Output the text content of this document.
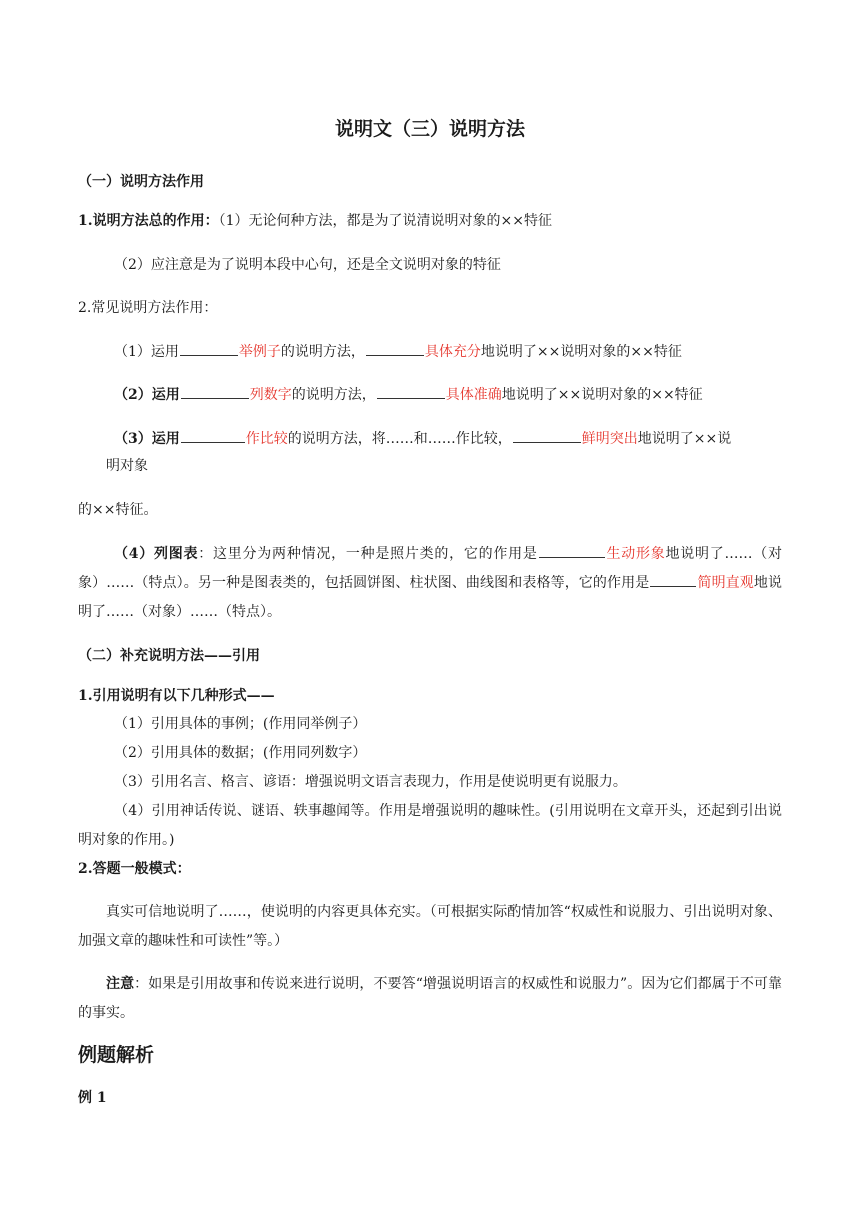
说明文（三）说明方法
（一）说明方法作用
1.说明方法总的作用：（1）无论何种方法，都是为了说清说明对象的××特征
（2）应注意是为了说明本段中心句，还是全文说明对象的特征
2.常见说明方法作用：
（1）运用	举例子的说明方法，	具体充分地说明了××说明对象的××特征
（2）运用	列数字的说明方法，	具体准确地说明了××说明对象的××特征
（3）运用	作比较的说明方法，将……和……作比较，	鲜明突出地说明了××说
明对象
的××特征。
（4）列图表：这里分为两种情况，一种是照片类的，它的作用是	生动形象地说明了……（对象）……（特点）。另一种是图表类的，包括圆饼图、柱状图、曲线图和表格等，它的作用是	简明直观地说明了……（对象）……（特点）。
（二）补充说明方法——引用
1.引用说明有以下几种形式——
（1）引用具体的事例；(作用同举例子）
（2）引用具体的数据；(作用同列数字）
（3）引用名言、格言、谚语：增强说明文语言表现力，作用是使说明更有说服力。
（4）引用神话传说、谜语、轶事趣闻等。作用是增强说明的趣味性。(引用说明在文章开头，还起到引出说明对象的作用。)
2.答题一般模式：
真实可信地说明了……，使说明的内容更具体充实。（可根据实际酌情加答“权威性和说服力、引出说明对象、加强文章的趣味性和可读性”等。）
注意：如果是引用故事和传说来进行说明，不要答“增强说明语言的权威性和说服力”。因为它们都属于不可靠的事实。
例题解析
例 1
